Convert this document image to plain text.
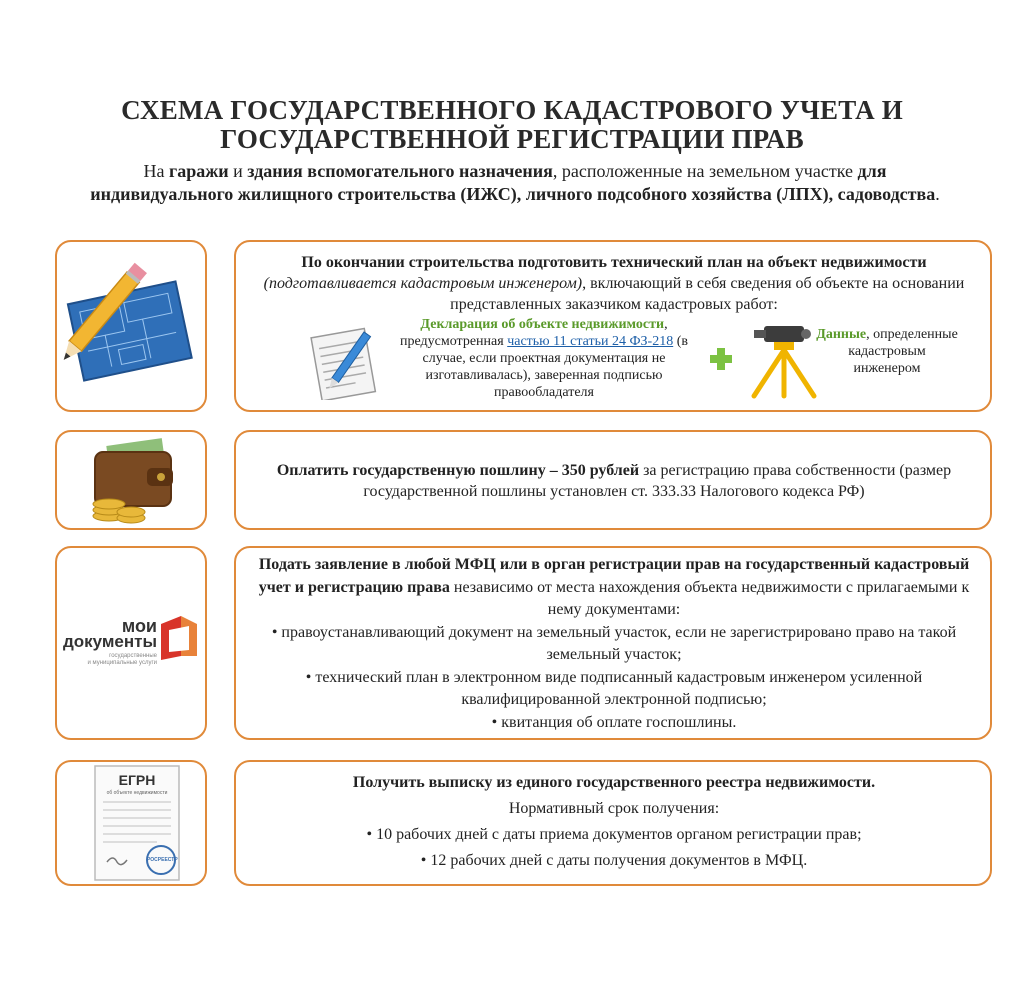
СХЕМА ГОСУДАРСТВЕННОГО КАДАСТРОВОГО УЧЕТА И
ГОСУДАРСТВЕННОЙ РЕГИСТРАЦИИ ПРАВ
На гаражи и здания вспомогательного назначения, расположенные на земельном участке для индивидуального жилищного строительства (ИЖС), личного подсобного хозяйства (ЛПХ), садоводства.
По окончании строительства подготовить технический план на объект недвижимости (подготавливается кадастровым инженером), включающий в себя сведения об объекте на основании представленных заказчиком кадастровых работ:
Декларация об объекте недвижимости,
предусмотренная частью 11 статьи 24 ФЗ-218 (в случае, если проектная документация не изготавливалась), заверенная подписью правообладателя
Данные, определенные кадастровым инженером
Оплатить государственную пошлину – 350 рублей за регистрацию права собственности (размер государственной пошлины установлен ст. 333.33 Налогового кодекса РФ)
мои
документы
государственные
и муниципальные услуги
Подать заявление в любой МФЦ или в орган регистрации прав на государственный кадастровый учет и регистрацию права независимо от места нахождения объекта недвижимости с прилагаемыми к нему документами:
• правоустанавливающий документ на земельный участок, если не зарегистрировано право на такой земельный участок;
• технический план в электронном виде подписанный кадастровым инженером усиленной квалифицированной электронной подписью;
• квитанция об оплате госпошлины.
ЕГРН
об объекте недвижимости
РОСРЕЕСТР
Получить выписку из единого государственного реестра недвижимости.
Нормативный срок получения:
• 10 рабочих дней с даты приема документов органом регистрации прав;
• 12 рабочих дней с даты получения документов в МФЦ.
